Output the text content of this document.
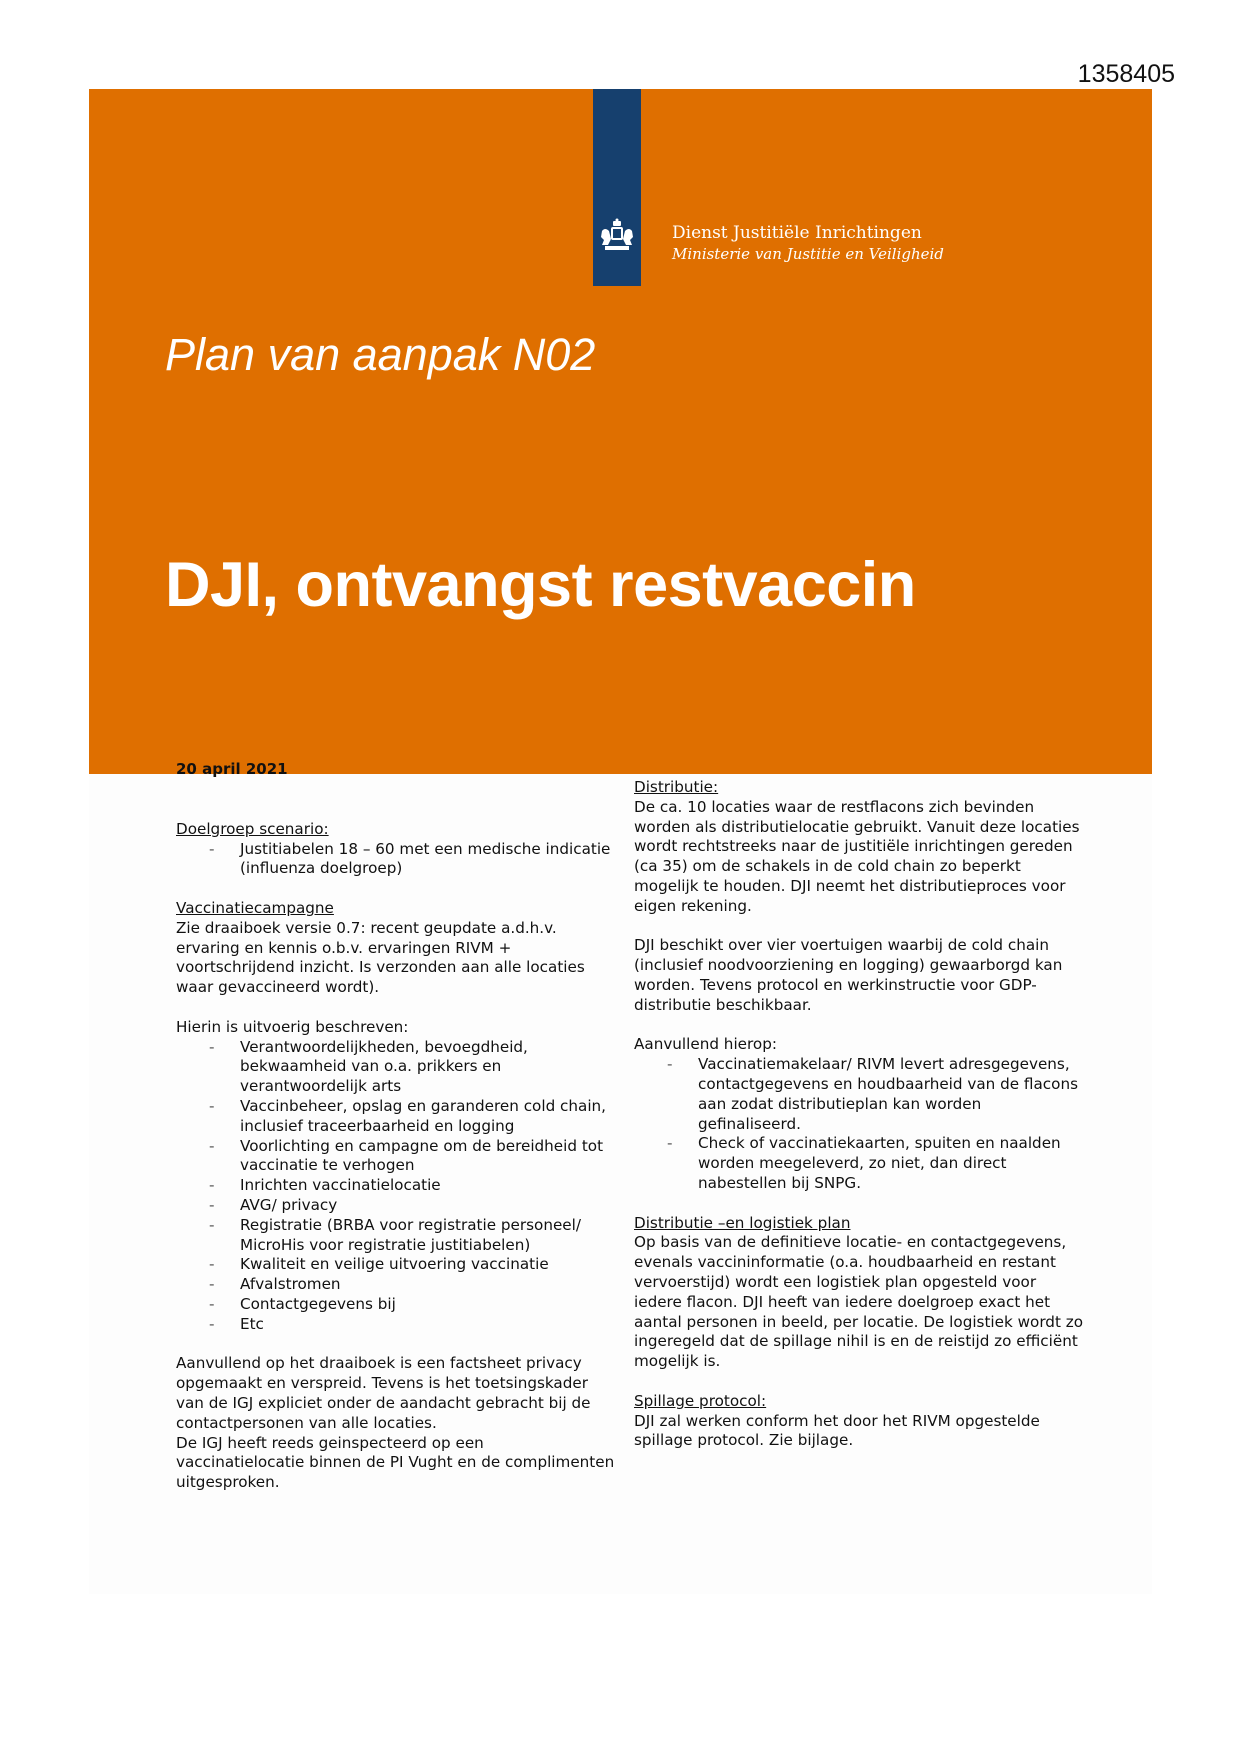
1358405
Dienst Justitiële Inrichtingen
Ministerie van Justitie en Veiligheid
Plan van aanpak N02
DJI, ontvangst restvaccin
20 april 2021

Doelgroep scenario:

- Justitiabelen 18 – 60 met een medische indicatie (influenza doelgroep)

Vaccinatiecampagne

Zie draaiboek versie 0.7: recent geupdate a.d.h.v. ervaring en kennis o.b.v. ervaringen RIVM + voortschrijdend inzicht. Is verzonden aan alle locaties waar gevaccineerd wordt).

Hierin is uitvoerig beschreven:

- Verantwoordelijkheden, bevoegdheid, bekwaamheid van o.a. prikkers en verantwoordelijk arts
- Vaccinbeheer, opslag en garanderen cold chain, inclusief traceerbaarheid en logging
- Voorlichting en campagne om de bereidheid tot vaccinatie te verhogen
- Inrichten vaccinatielocatie
- AVG/ privacy
- Registratie (BRBA voor registratie personeel/ MicroHis voor registratie justitiabelen)
- Kwaliteit en veilige uitvoering vaccinatie
- Afvalstromen
- Contactgegevens bij
- Etc

Aanvullend op het draaiboek is een factsheet privacy opgemaakt en verspreid. Tevens is het toetsingskader van de IGJ expliciet onder de aandacht gebracht bij de contactpersonen van alle locaties.

De IGJ heeft reeds geinspecteerd op een vaccinatielocatie binnen de PI Vught en de complimenten uitgesproken.

Distributie:

De ca. 10 locaties waar de restflacons zich bevinden worden als distributielocatie gebruikt. Vanuit deze locaties wordt rechtstreeks naar de justitiële inrichtingen gereden (ca 35) om de schakels in de cold chain zo beperkt mogelijk te houden. DJI neemt het distributieproces voor eigen rekening.

DJI beschikt over vier voertuigen waarbij de cold chain (inclusief noodvoorziening en logging) gewaarborgd kan worden. Tevens protocol en werkinstructie voor GDP-distributie beschikbaar.

Aanvullend hierop:

- Vaccinatiemakelaar/ RIVM levert adresgegevens, contactgegevens en houdbaarheid van de flacons aan zodat distributieplan kan worden gefinaliseerd.
- Check of vaccinatiekaarten, spuiten en naalden worden meegeleverd, zo niet, dan direct nabestellen bij SNPG.

Distributie –en logistiek plan

Op basis van de definitieve locatie- en contactgegevens, evenals vaccininformatie (o.a. houdbaarheid en restant vervoerstijd) wordt een logistiek plan opgesteld voor iedere flacon. DJI heeft van iedere doelgroep exact het aantal personen in beeld, per locatie. De logistiek wordt zo ingeregeld dat de spillage nihil is en de reistijd zo efficiënt mogelijk is.

Spillage protocol:

DJI zal werken conform het door het RIVM opgestelde spillage protocol. Zie bijlage.
